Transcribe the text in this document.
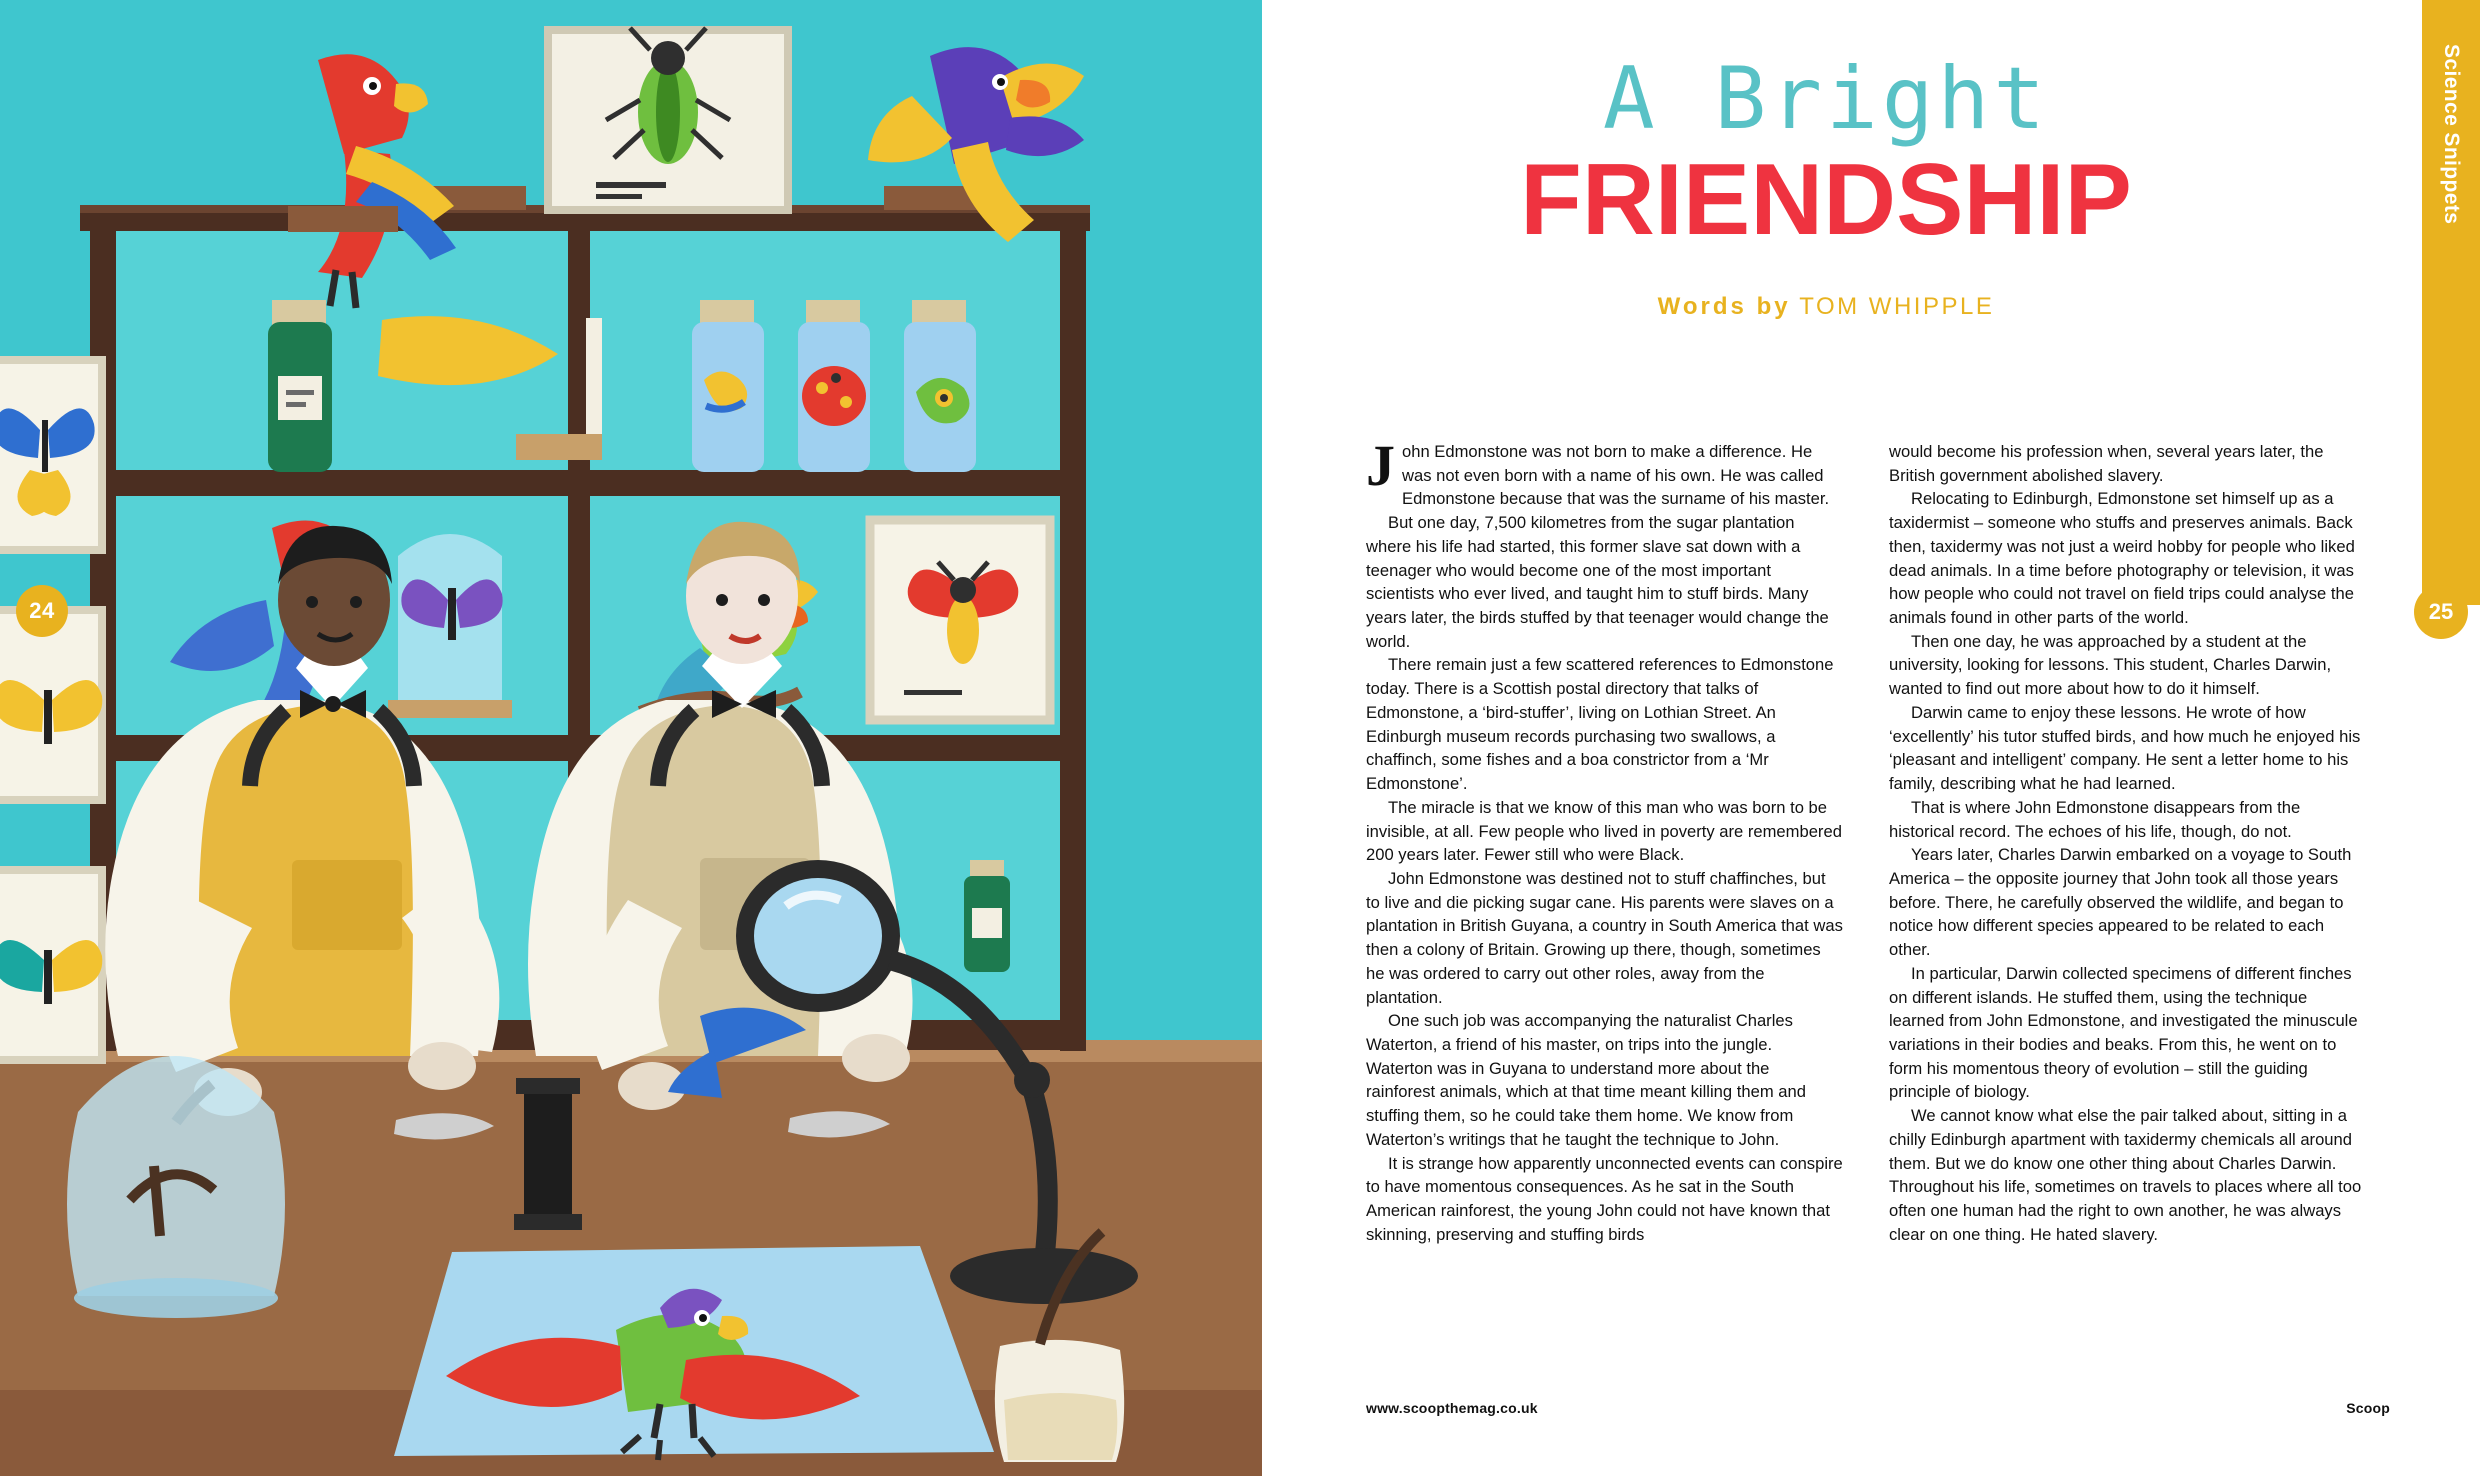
24
Science Snippets
25
A Bright
FRIENDSHIP
Words by TOM WHIPPLE

John Edmonstone was not born to make a difference. He was not even born with a name of his own. He was called Edmonstone because that was the surname of his master.

But one day, 7,500 kilometres from the sugar plantation where his life had started, this former slave sat down with a teenager who would become one of the most important scientists who ever lived, and taught him to stuff birds. Many years later, the birds stuffed by that teenager would change the world.

There remain just a few scattered references to Edmonstone today. There is a Scottish postal directory that talks of Edmonstone, a ‘bird-stuffer’, living on Lothian Street. An Edinburgh museum records purchasing two swallows, a chaffinch, some fishes and a boa constrictor from a ‘Mr Edmonstone’.

The miracle is that we know of this man who was born to be invisible, at all. Few people who lived in poverty are remembered 200 years later. Fewer still who were Black.

John Edmonstone was destined not to stuff chaffinches, but to live and die picking sugar cane. His parents were slaves on a plantation in British Guyana, a country in South America that was then a colony of Britain. Growing up there, though, sometimes he was ordered to carry out other roles, away from the plantation.

One such job was accompanying the naturalist Charles Waterton, a friend of his master, on trips into the jungle. Waterton was in Guyana to understand more about the rainforest animals, which at that time meant killing them and stuffing them, so he could take them home. We know from Waterton’s writings that he taught the technique to John.

It is strange how apparently unconnected events can conspire to have momentous consequences. As he sat in the South American rainforest, the young John could not have known that skinning, preserving and stuffing birds

would become his profession when, several years later, the British government abolished slavery.

Relocating to Edinburgh, Edmonstone set himself up as a taxidermist – someone who stuffs and preserves animals. Back then, taxidermy was not just a weird hobby for people who liked dead animals. In a time before photography or television, it was how people who could not travel on field trips could analyse the animals found in other parts of the world.

Then one day, he was approached by a student at the university, looking for lessons. This student, Charles Darwin, wanted to find out more about how to do it himself.

Darwin came to enjoy these lessons. He wrote of how ‘excellently’ his tutor stuffed birds, and how much he enjoyed his ‘pleasant and intelligent’ company. He sent a letter home to his family, describing what he had learned.

That is where John Edmonstone disappears from the historical record. The echoes of his life, though, do not.

Years later, Charles Darwin embarked on a voyage to South America – the opposite journey that John took all those years before. There, he carefully observed the wildlife, and began to notice how different species appeared to be related to each other.

In particular, Darwin collected specimens of different finches on different islands. He stuffed them, using the technique learned from John Edmonstone, and investigated the minuscule variations in their bodies and beaks. From this, he went on to form his momentous theory of evolution – still the guiding principle of biology.

We cannot know what else the pair talked about, sitting in a chilly Edinburgh apartment with taxidermy chemicals all around them. But we do know one other thing about Charles Darwin. Throughout his life, sometimes on travels to places where all too often one human had the right to own another, he was always clear on one thing. He hated slavery.

www.scoopthemag.co.uk	Scoop
